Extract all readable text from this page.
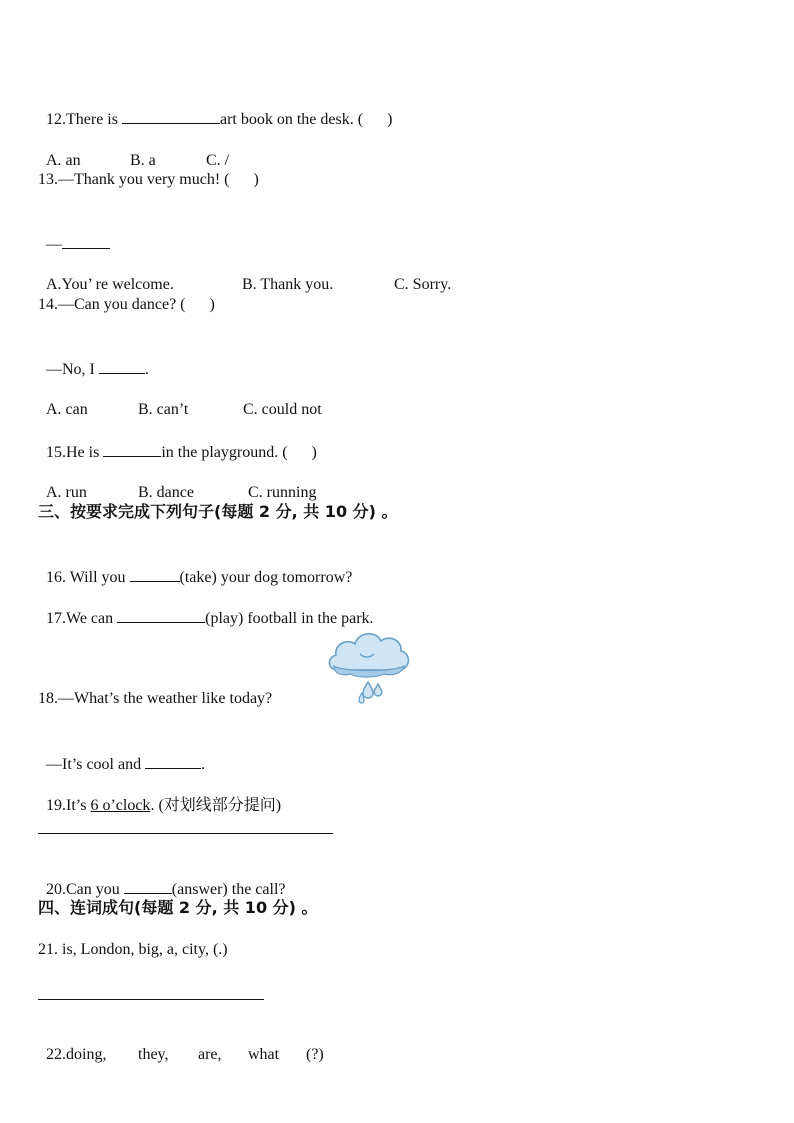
12.There is	art book on the desk. (      )

A. an	B. a	C. /

13.—Thank you very much! (      )

—

A.You’ re welcome.	B. Thank you.	C. Sorry.

14.—Can you dance? (      )

—No, I	.

A. can	B. can’t	C. could not

15.He is	in the playground. (      )

A. run	B. dance	C. running

三、按要求完成下列句子(每题 2 分, 共 10 分) 。

16. Will you	(take) your dog tomorrow?

17.We can	(play) football in the park.

18.—What’s the weather like today?

—It’s cool and	.

19.It’s 6 o’clock. (对划线部分提问)

20.Can you	(answer) the call?

四、连词成句(每题 2 分, 共 10 分) 。
21. is, London, big, a, city, (.)

22.doing, they, are, what (?)
